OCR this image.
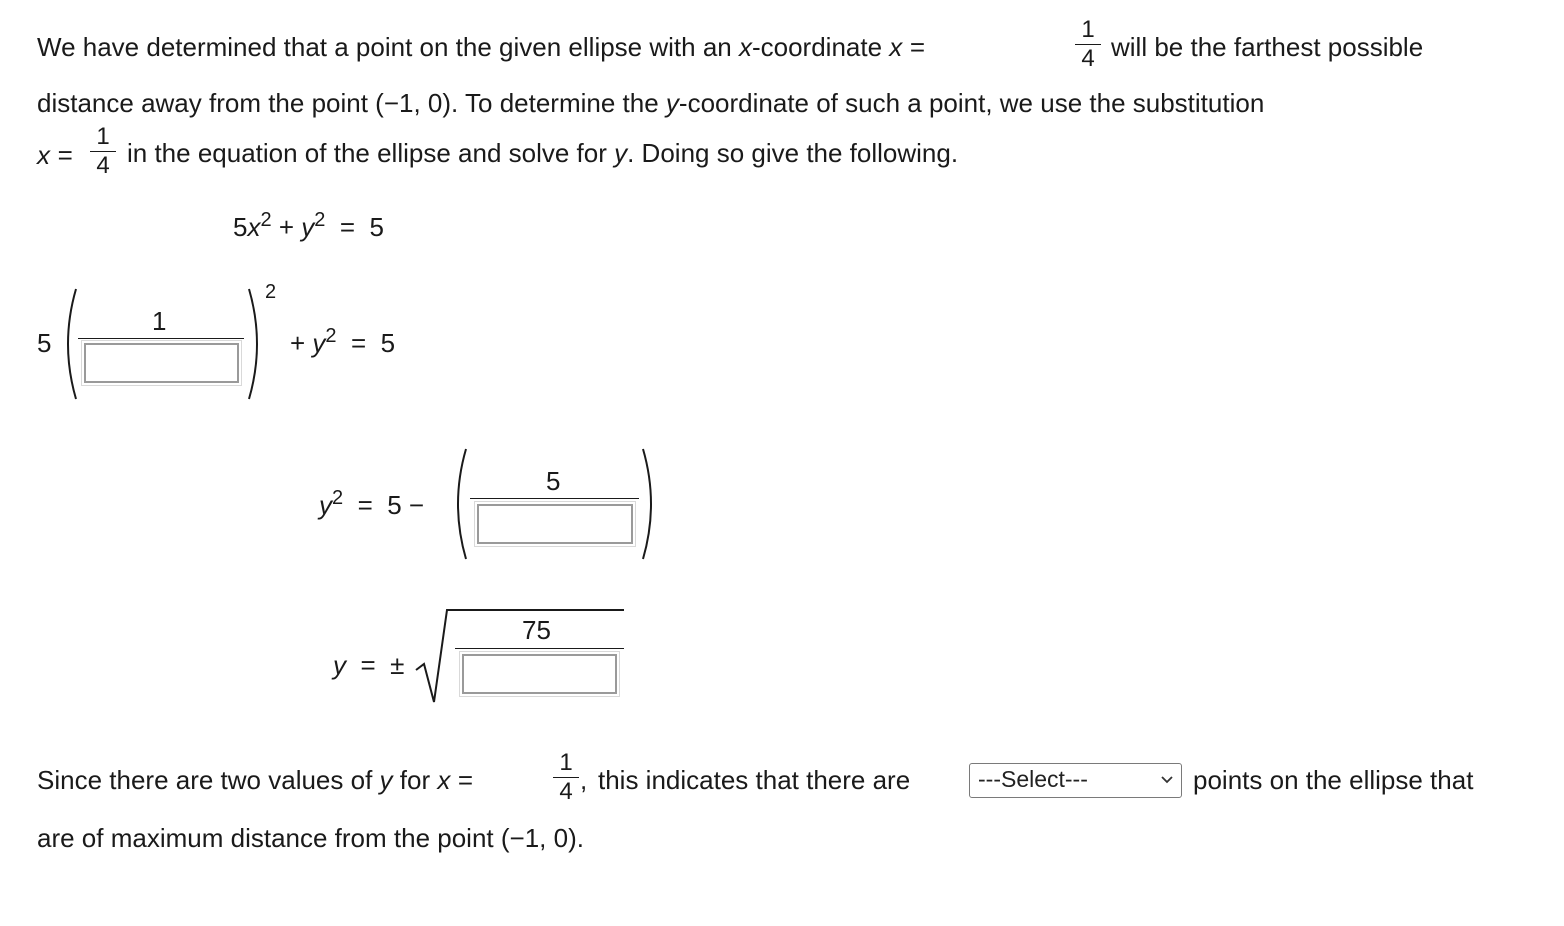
We have determined that a point on the given ellipse with an x-coordinate x =
1
4 will be the farthest possible
distance away from the point (−1, 0). To determine the y-coordinate of such a point, we use the substitution
x =
1
4 in the equation of the ellipse and solve for y. Doing so give the following.
$5x^2 + y^2 = 5$
5
1
2
+ $y^2 = 5$
$y^2 = 5$ −
5
y = ±
75
Since there are two values of y for x =
1
4 , this indicates that there are	---Select---	points on the ellipse that
are of maximum distance from the point (−1, 0).
